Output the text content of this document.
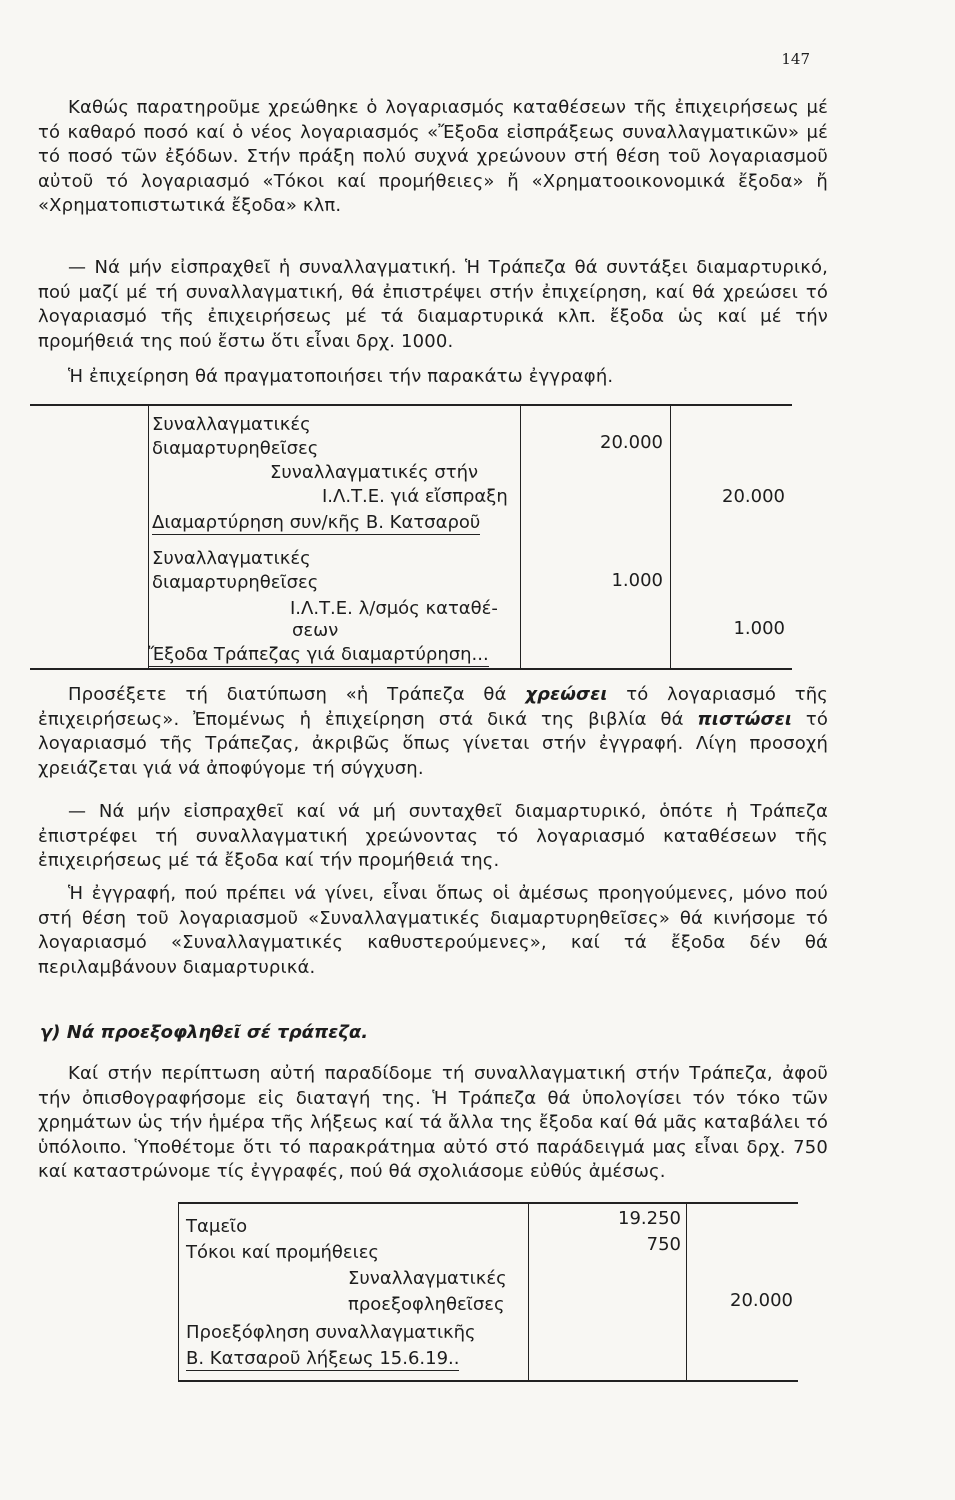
147

Καθώς παρατηροῦμε χρεώθηκε ὁ λογαριασμός καταθέσεων τῆς ἐπιχειρήσεως μέ τό καθαρό ποσό καί ὁ νέος λογαριασμός «Ἔξοδα εἰσπράξεως συναλλαγματικῶν» μέ τό ποσό τῶν ἐξόδων. Στήν πράξη πολύ συχνά χρεώνουν στή θέση τοῦ λογαριασμοῦ αὐτοῦ τό λογαριασμό «Τόκοι καί προμήθειες» ἤ «Χρηματοοικονομικά ἔξοδα» ἤ «Χρηματοπιστωτικά ἔξοδα» κλπ.

— Νά μήν εἰσπραχθεῖ ἡ συναλλαγματική. Ἡ Τράπεζα θά συντάξει διαμαρτυρικό, πού μαζί μέ τή συναλλαγματική, θά ἐπιστρέψει στήν ἐπιχείρηση, καί θά χρεώσει τό λογαριασμό τῆς ἐπιχειρήσεως μέ τά διαμαρτυρικά κλπ. ἔξοδα ὡς καί μέ τήν προμήθειά της πού ἔστω ὅτι εἶναι δρχ. 1000.

Ἡ ἐπιχείρηση θά πραγματοποιήσει τήν παρακάτω ἐγγραφή.

Συναλλαγματικές
διαμαρτυρηθεῖσες
Συναλλαγματικές στήν
Ι.Λ.Τ.Ε. γιά εἴσπραξη
Διαμαρτύρηση συν/κῆς Β. Κατσαροῦ
Συναλλαγματικές
διαμαρτυρηθεῖσες
Ι.Λ.Τ.Ε. λ/σμός καταθέ-
σεων
Ἔξοδα Τράπεζας γιά διαμαρτύρηση...
20.000
20.000
1.000
1.000

Προσέξετε τή διατύπωση «ἡ Τράπεζα θά χρεώσει τό λογαριασμό τῆς ἐπιχειρήσεως». Ἐπομένως ἡ ἐπιχείρηση στά δικά της βιβλία θά πιστώσει τό λογαριασμό τῆς Τράπεζας, ἀκριβῶς ὅπως γίνεται στήν ἐγγραφή. Λίγη προσοχή χρειάζεται γιά νά ἀποφύγομε τή σύγχυση.

— Νά μήν εἰσπραχθεῖ καί νά μή συνταχθεῖ διαμαρτυρικό, ὁπότε ἡ Τράπεζα ἐπιστρέφει τή συναλλαγματική χρεώνοντας τό λογαριασμό καταθέσεων τῆς ἐπιχειρήσεως μέ τά ἔξοδα καί τήν προμήθειά της.

Ἡ ἐγγραφή, πού πρέπει νά γίνει, εἶναι ὅπως οἱ ἀμέσως προηγούμενες, μόνο πού στή θέση τοῦ λογαριασμοῦ «Συναλλαγματικές διαμαρτυρηθεῖσες» θά κινήσομε τό λογαριασμό «Συναλλαγματικές καθυστερούμενες», καί τά ἔξοδα δέν θά περιλαμβάνουν διαμαρτυρικά.

γ) Νά προεξοφληθεῖ σέ τράπεζα.

Καί στήν περίπτωση αὐτή παραδίδομε τή συναλλαγματική στήν Τράπεζα, ἀφοῦ τήν ὀπισθογραφήσομε εἰς διαταγή της. Ἡ Τράπεζα θά ὑπολογίσει τόν τόκο τῶν χρημάτων ὡς τήν ἡμέρα τῆς λήξεως καί τά ἄλλα της ἔξοδα καί θά μᾶς καταβάλει τό ὑπόλοιπο. Ὑποθέτομε ὅτι τό παρακράτημα αὐτό στό παράδειγμά μας εἶναι δρχ. 750 καί καταστρώνομε τίς ἐγγραφές, πού θά σχολιάσομε εὐθύς ἀμέσως.

Ταμεῖο
Τόκοι καί προμήθειες
Συναλλαγματικές
προεξοφληθεῖσες
Προεξόφληση συναλλαγματικῆς
Β. Κατσαροῦ λήξεως 15.6.19..
19.250
750
20.000
